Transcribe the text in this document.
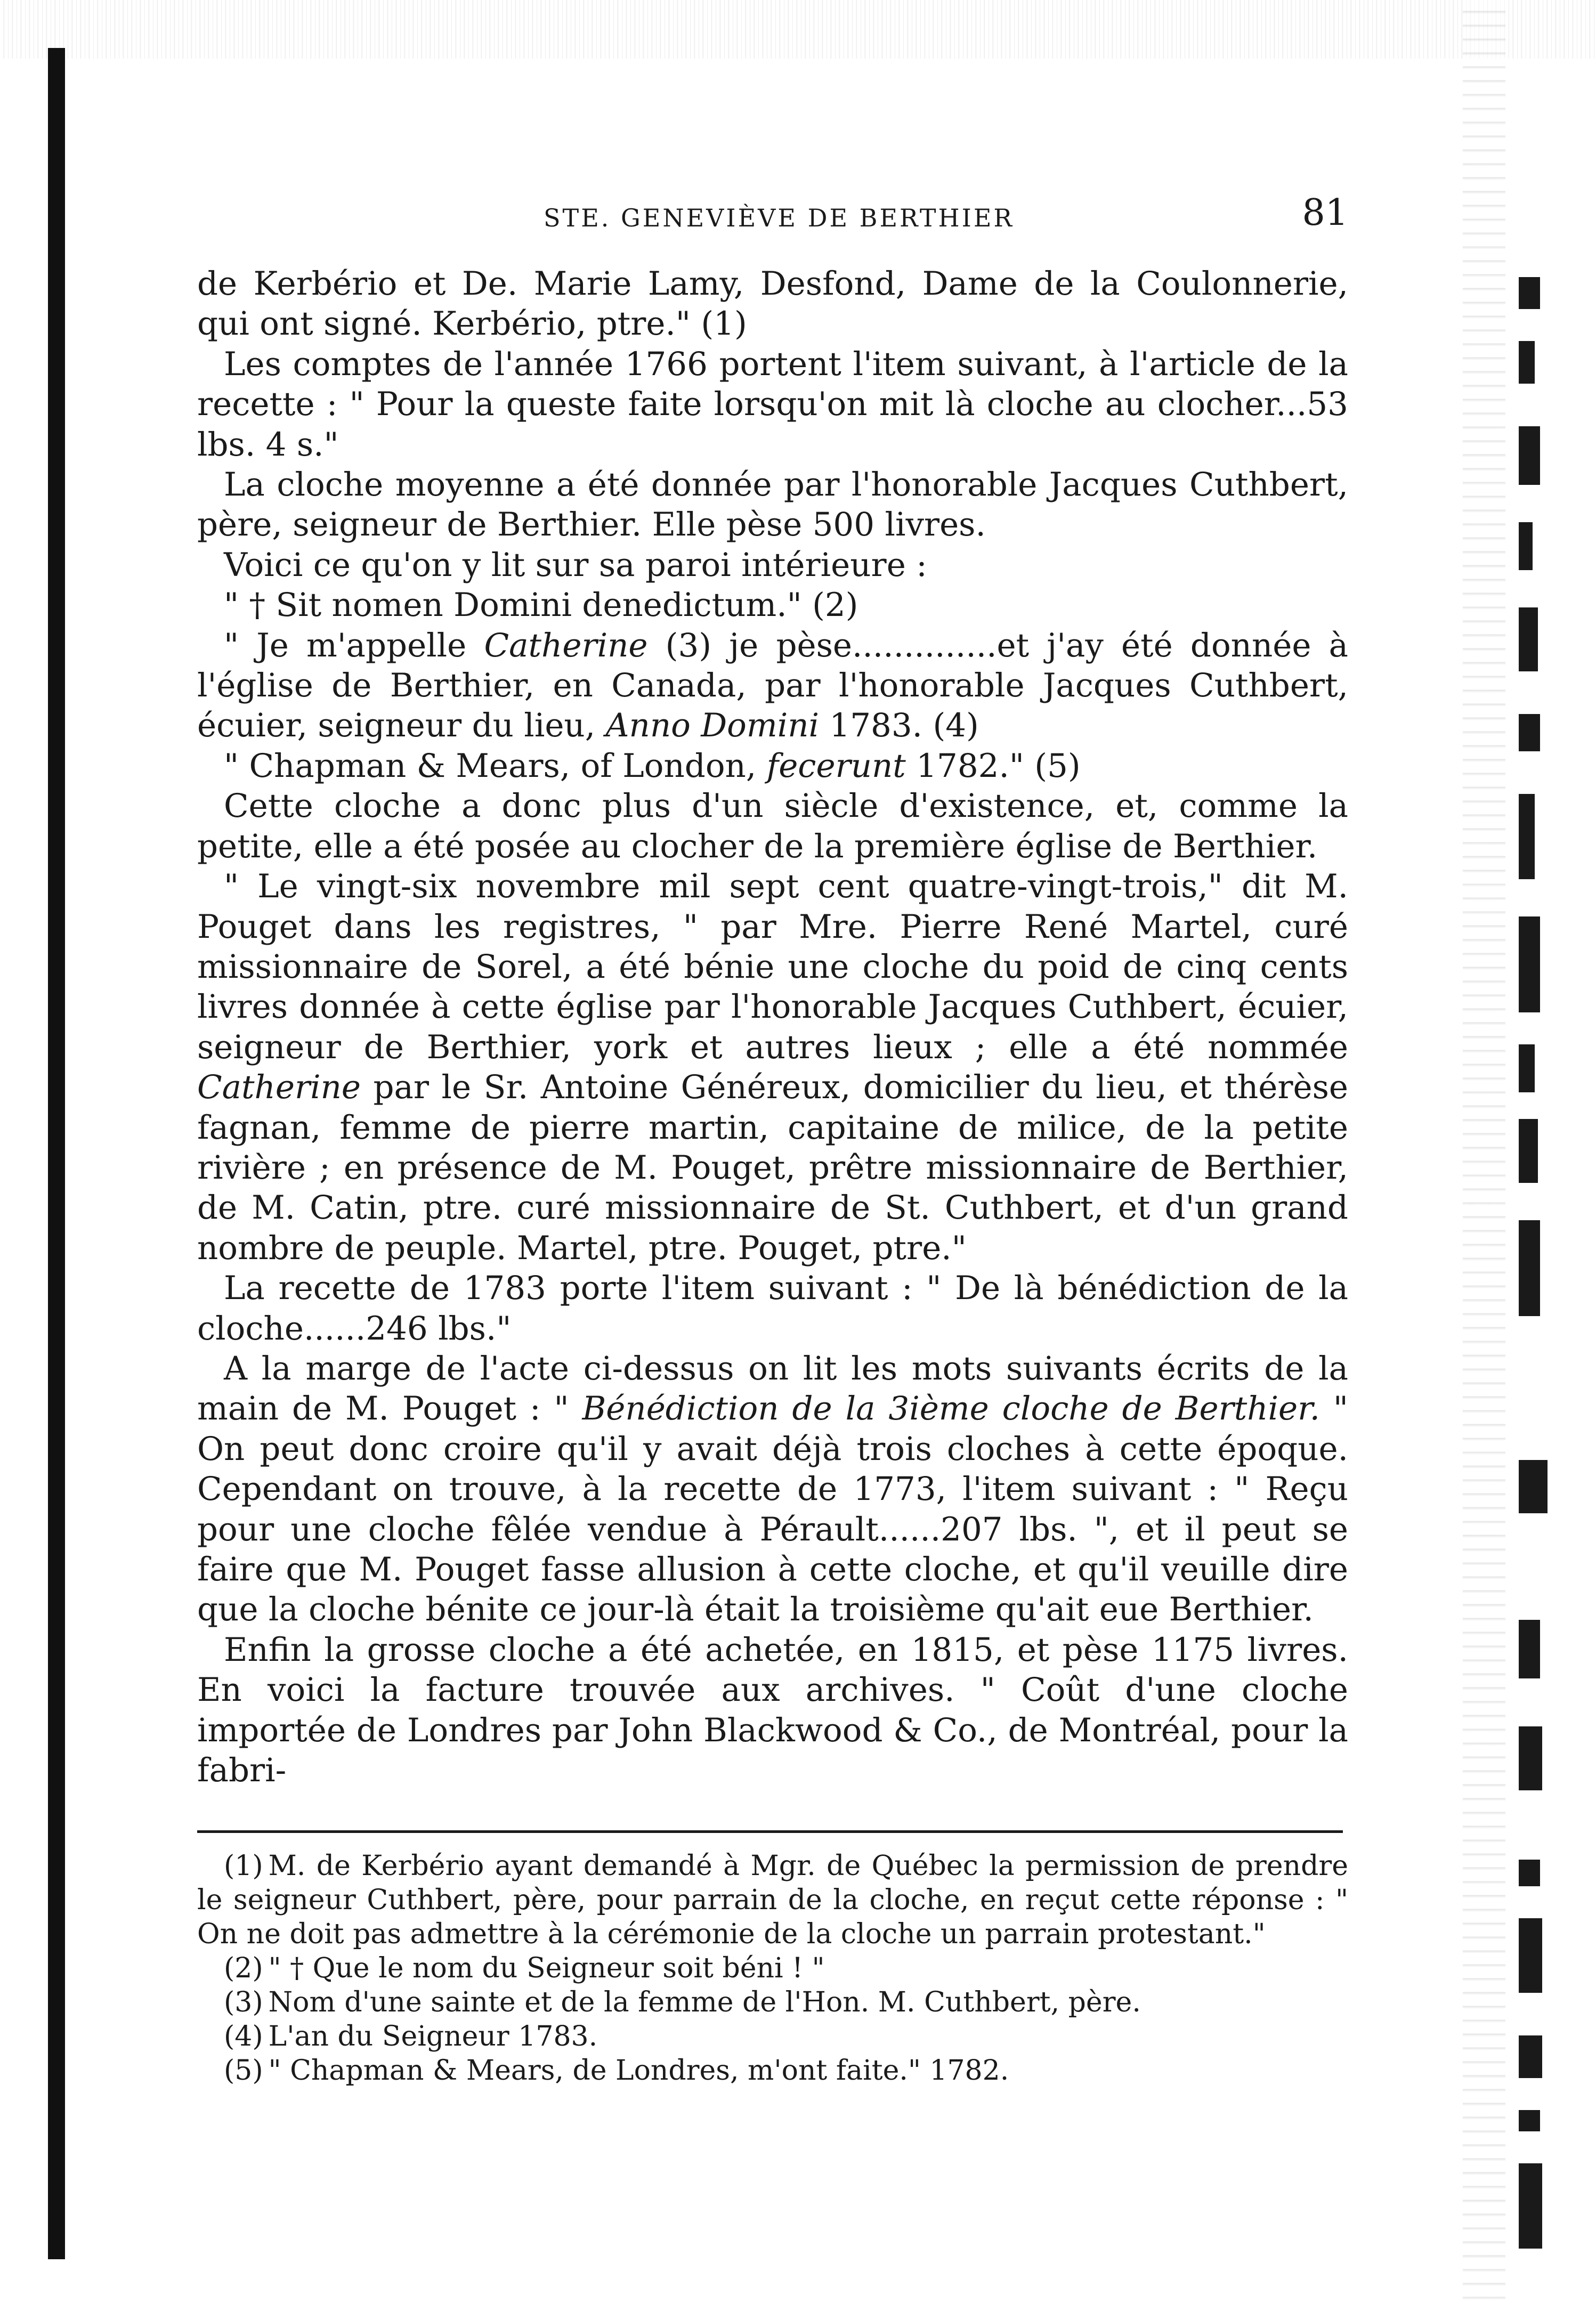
STE. GENEVIÈVE DE BERTHIER	81

de Kerbério et De. Marie Lamy, Desfond, Dame de la Coulonnerie, qui ont signé. Kerbério, ptre." (1)

Les comptes de l'année 1766 portent l'item suivant, à l'article de la recette : " Pour la queste faite lorsqu'on mit là cloche au clocher...53 lbs. 4 s."

La cloche moyenne a été donnée par l'honorable Jacques Cuthbert, père, seigneur de Berthier. Elle pèse 500 livres.

Voici ce qu'on y lit sur sa paroi intérieure :

" † Sit nomen Domini denedictum." (2)

" Je m'appelle Catherine (3) je pèse..............et j'ay été donnée à l'église de Berthier, en Canada, par l'honorable Jacques Cuthbert, écuier, seigneur du lieu, Anno Domini 1783. (4)

" Chapman & Mears, of London, fecerunt 1782." (5)

Cette cloche a donc plus d'un siècle d'existence, et, comme la petite, elle a été posée au clocher de la première église de Berthier.

" Le vingt-six novembre mil sept cent quatre-vingt-trois," dit M. Pouget dans les registres, " par Mre. Pierre René Martel, curé missionnaire de Sorel, a été bénie une cloche du poid de cinq cents livres donnée à cette église par l'honorable Jacques Cuthbert, écuier, seigneur de Berthier, york et autres lieux ; elle a été nommée Catherine par le Sr. Antoine Généreux, domicilier du lieu, et thérèse fagnan, femme de pierre martin, capitaine de milice, de la petite rivière ; en présence de M. Pouget, prêtre missionnaire de Berthier, de M. Catin, ptre. curé missionnaire de St. Cuthbert, et d'un grand nombre de peuple. Martel, ptre. Pouget, ptre."

La recette de 1783 porte l'item suivant : " De là bénédiction de la cloche......246 lbs."

A la marge de l'acte ci-dessus on lit les mots suivants écrits de la main de M. Pouget : " Bénédiction de la 3ième cloche de Berthier. " On peut donc croire qu'il y avait déjà trois cloches à cette époque. Cependant on trouve, à la recette de 1773, l'item suivant : " Reçu pour une cloche fêlée vendue à Pérault......207 lbs. ", et il peut se faire que M. Pouget fasse allusion à cette cloche, et qu'il veuille dire que la cloche bénite ce jour-là était la troisième qu'ait eue Berthier.

Enfin la grosse cloche a été achetée, en 1815, et pèse 1175 livres. En voici la facture trouvée aux archives. " Coût d'une cloche importée de Londres par John Blackwood & Co., de Montréal, pour la fabri-

(1) M. de Kerbério ayant demandé à Mgr. de Québec la permission de prendre le seigneur Cuthbert, père, pour parrain de la cloche, en reçut cette réponse : " On ne doit pas admettre à la cérémonie de la cloche un parrain protestant."

(2) " † Que le nom du Seigneur soit béni ! "

(3) Nom d'une sainte et de la femme de l'Hon. M. Cuthbert, père.

(4) L'an du Seigneur 1783.

(5) " Chapman & Mears, de Londres, m'ont faite." 1782.
